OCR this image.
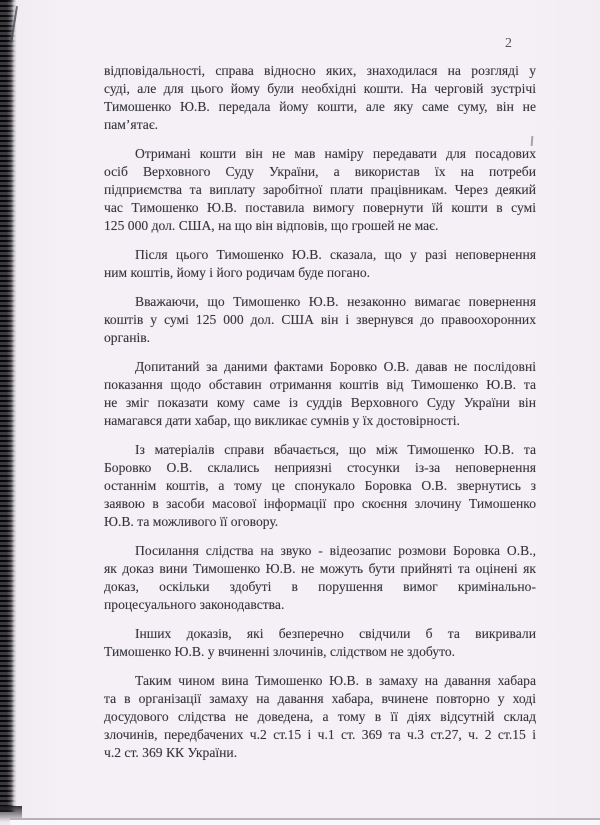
2
відповідальності, справа відносно яких, знаходилася на розгляді у
суді, але для цього йому були необхідні кошти. На черговій зустрічі
Тимошенко Ю.В. передала йому кошти, але яку саме суму, він не
пам’ятає.
Отримані кошти він не мав наміру передавати для посадових
осіб Верховного Суду України, а використав їх на потреби
підприємства та виплату заробітної плати працівникам. Через деякий
час Тимошенко Ю.В. поставила вимогу повернути їй кошти в сумі
125 000 дол. США, на що він відповів, що грошей не має.
Після цього Тимошенко Ю.В. сказала, що у разі неповернення
ним коштів, йому і його родичам буде погано.
Вважаючи, що Тимошенко Ю.В. незаконно вимагає повернення
коштів у сумі 125 000 дол. США він і звернувся до правоохоронних
органів.
Допитаний за даними фактами Боровко О.В. давав не послідовні
показання щодо обставин отримання коштів від Тимошенко Ю.В. та
не зміг показати кому саме із суддів Верховного Суду України він
намагався дати хабар, що викликає сумнів у їх достовірності.
Із матеріалів справи вбачається, що між Тимошенко Ю.В. та
Боровко О.В. склались неприязні стосунки із-за неповернення
останнім коштів, а тому це спонукало Боровка О.В. звернутись з
заявою в засоби масової інформації про скоєння злочину Тимошенко
Ю.В. та можливого її оговору.
Посилання слідства на звуко - відеозапис розмови Боровка О.В.,
як доказ вини Тимошенко Ю.В. не можуть бути прийняті та оцінені як
доказ, оскільки здобуті в порушення вимог кримінально-
процесуального законодавства.
Інших доказів, які безперечно свідчили б та викривали
Тимошенко Ю.В. у вчиненні злочинів, слідством не здобуто.
Таким чином вина Тимошенко Ю.В. в замаху на давання хабара
та в організації замаху на давання хабара, вчинене повторно у ході
досудового слідства не доведена, а тому в її діях відсутній склад
злочинів, передбачених ч.2 ст.15 і ч.1 ст. 369 та ч.3 ст.27, ч. 2 ст.15 і
ч.2 ст. 369 КК України.
